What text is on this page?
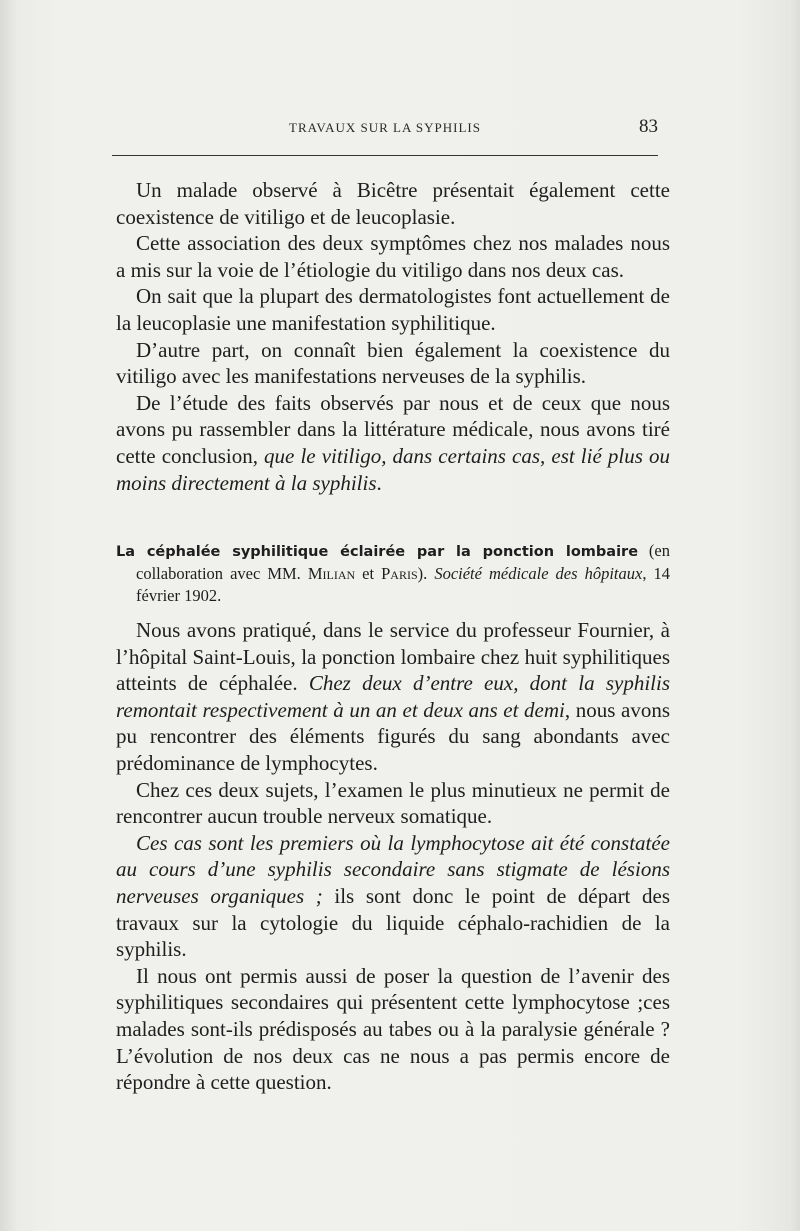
TRAVAUX SUR LA SYPHILIS	83

Un malade observé à Bicêtre présentait également cette coexistence de vitiligo et de leucoplasie.

Cette association des deux symptômes chez nos malades nous a mis sur la voie de l’étiologie du vitiligo dans nos deux cas.

On sait que la plupart des dermatologistes font actuellement de la leucoplasie une manifestation syphilitique.

D’autre part, on connaît bien également la coexistence du vitiligo avec les manifestations nerveuses de la syphilis.

De l’étude des faits observés par nous et de ceux que nous avons pu rassembler dans la littérature médicale, nous avons tiré cette conclusion, que le vitiligo, dans certains cas, est lié plus ou moins directement à la syphilis.

La céphalée syphilitique éclairée par la ponction lombaire (en collaboration avec MM. Milian et Paris). Société médicale des hôpitaux, 14 février 1902.

Nous avons pratiqué, dans le service du professeur Fournier, à l’hôpital Saint-Louis, la ponction lombaire chez huit syphilitiques atteints de céphalée. Chez deux d’entre eux, dont la syphilis remontait respectivement à un an et deux ans et demi, nous avons pu rencontrer des éléments figurés du sang abondants avec prédominance de lymphocytes.

Chez ces deux sujets, l’examen le plus minutieux ne permit de rencontrer aucun trouble nerveux somatique.

Ces cas sont les premiers où la lymphocytose ait été constatée au cours d’une syphilis secondaire sans stigmate de lésions nerveuses organiques ; ils sont donc le point de départ des travaux sur la cytologie du liquide céphalo-rachidien de la syphilis.

Il nous ont permis aussi de poser la question de l’avenir des syphilitiques secondaires qui présentent cette lymphocytose ;ces malades sont-ils prédisposés au tabes ou à la paralysie générale ? L’évolution de nos deux cas ne nous a pas permis encore de répondre à cette question.
